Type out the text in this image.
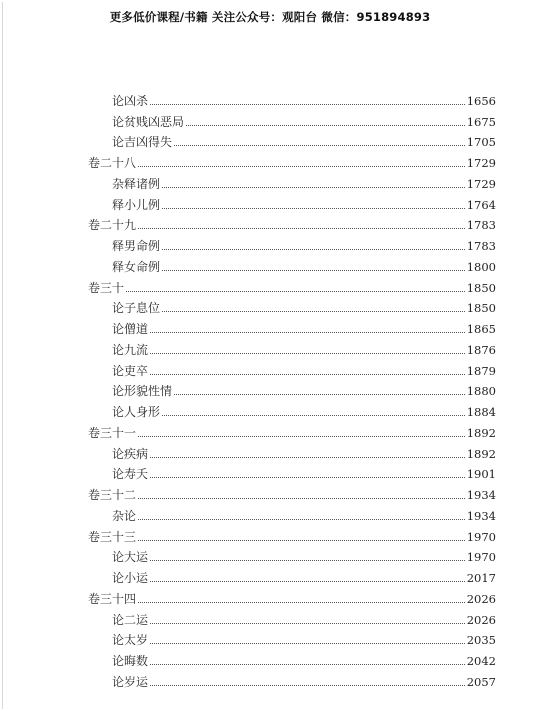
更多低价课程/书籍 关注公众号：观阳台 微信：951894893
论凶杀	1656
论贫贱凶恶局	1675
论吉凶得失	1705
卷二十八	1729
杂释诸例	1729
释小儿例	1764
卷二十九	1783
释男命例	1783
释女命例	1800
卷三十	1850
论子息位	1850
论僧道	1865
论九流	1876
论吏卒	1879
论形貌性情	1880
论人身形	1884
卷三十一	1892
论疾病	1892
论寿夭	1901
卷三十二	1934
杂论	1934
卷三十三	1970
论大运	1970
论小运	2017
卷三十四	2026
论二运	2026
论太岁	2035
论晦数	2042
论岁运	2057
